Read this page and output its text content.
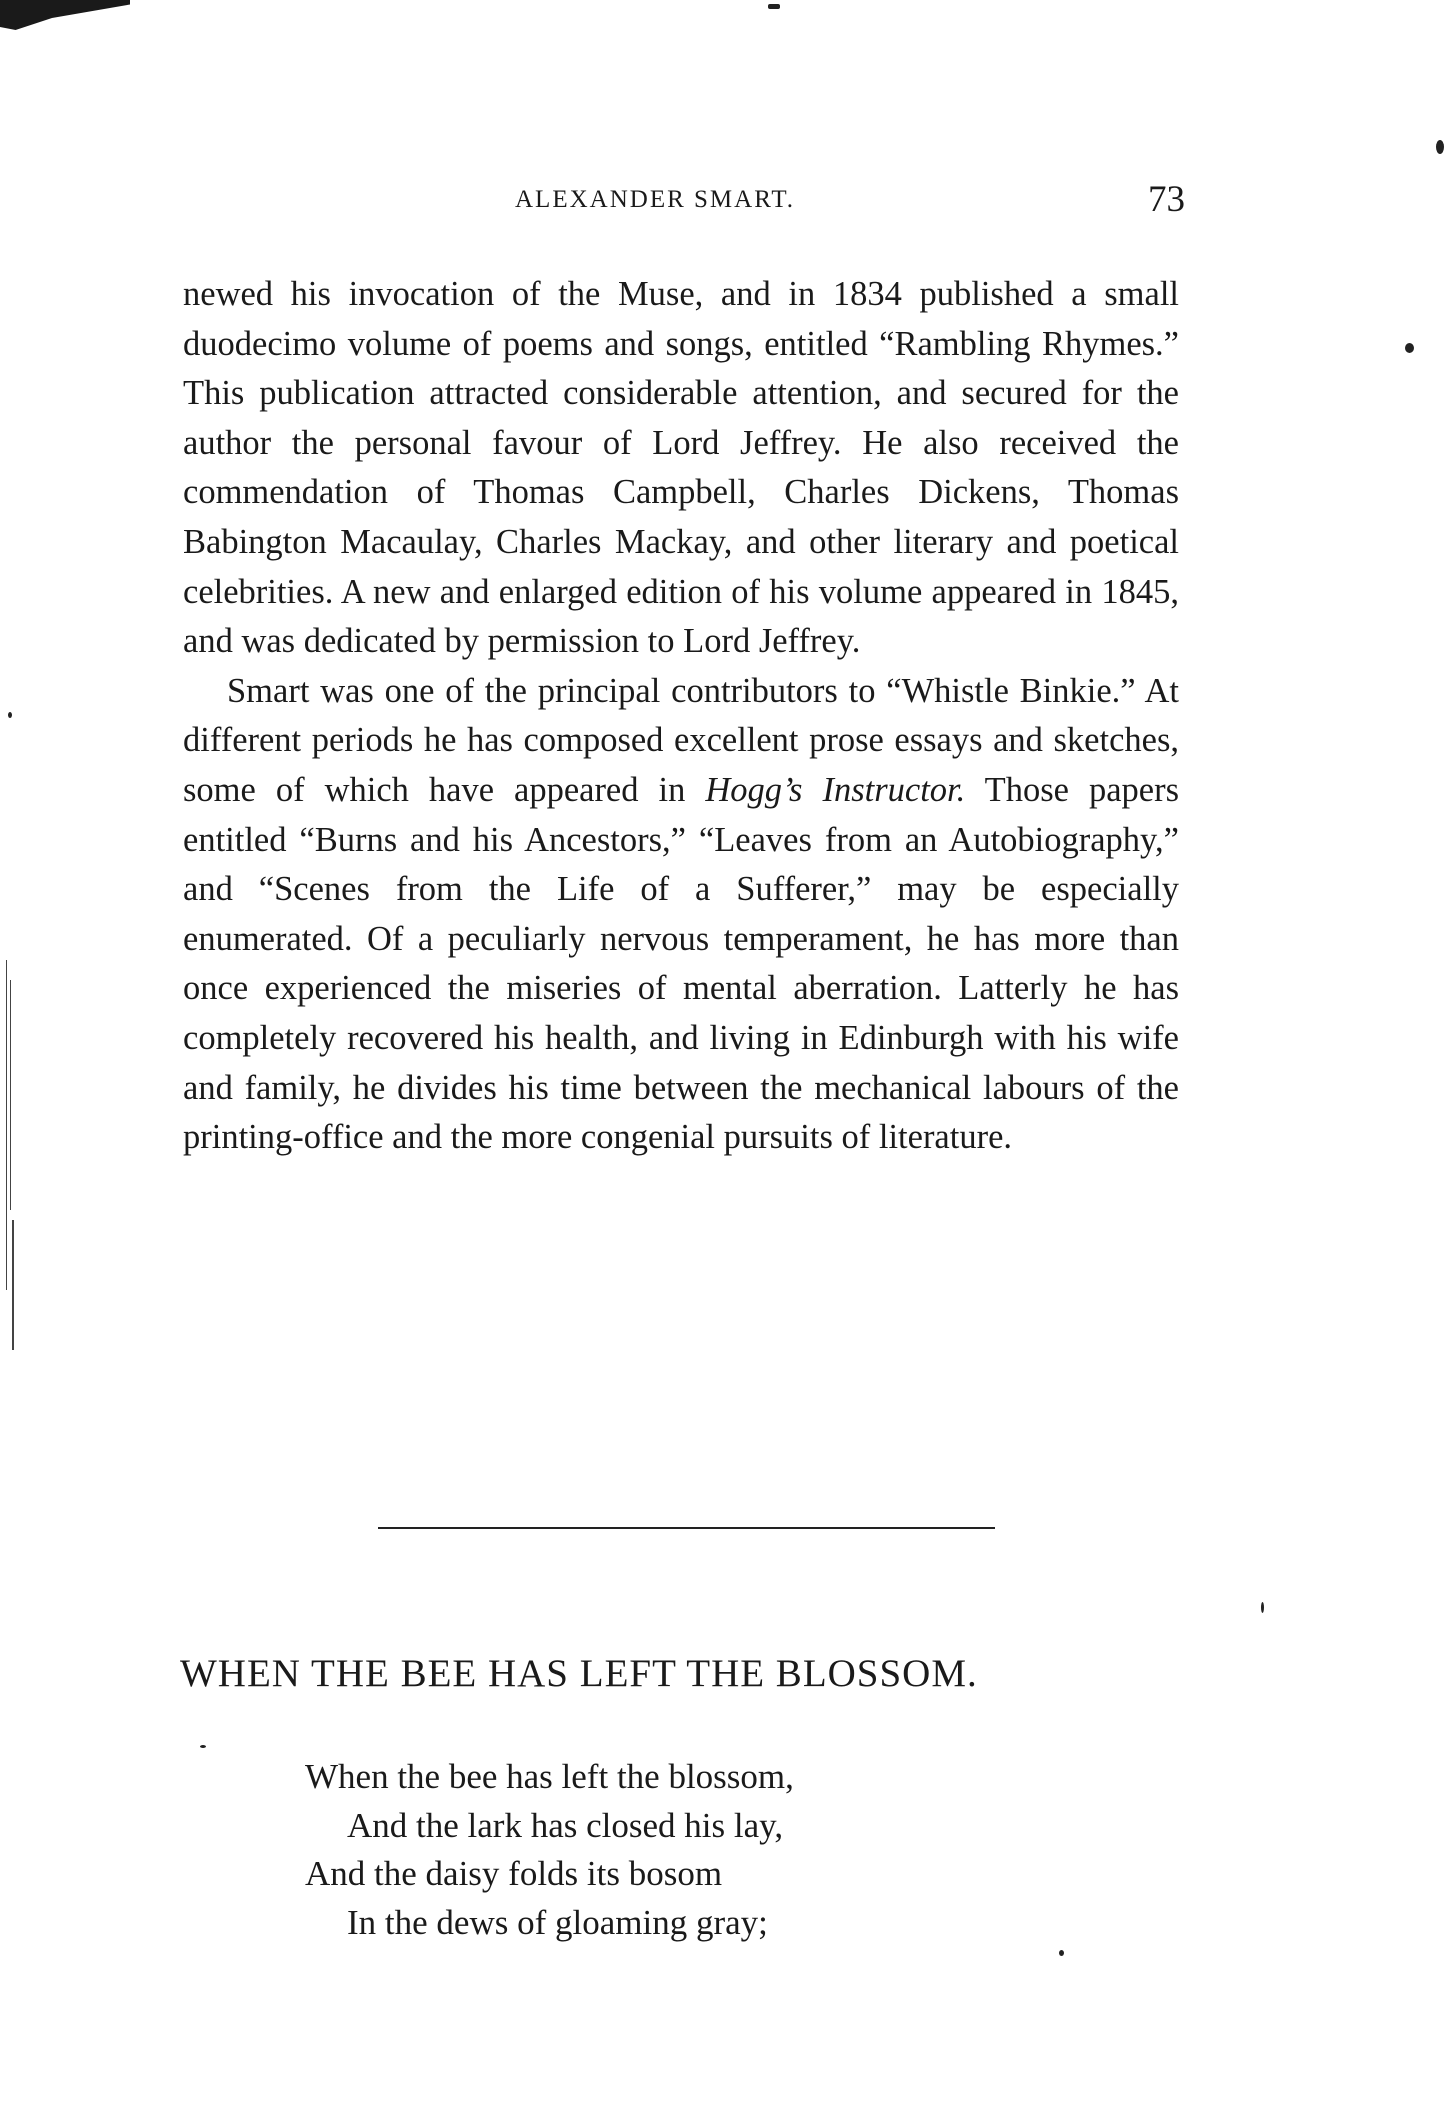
ALEXANDER SMART.	73

newed his invocation of the Muse, and in 1834 published a small duodecimo volume of poems and songs, entitled “Rambling Rhymes.” This publication attracted considerable attention, and secured for the author the personal favour of Lord Jeffrey. He also received the commendation of Thomas Campbell, Charles Dickens, Thomas Babington Macaulay, Charles Mackay, and other literary and poetical celebrities. A new and enlarged edition of his volume appeared in 1845, and was dedicated by permission to Lord Jeffrey.

Smart was one of the principal contributors to “Whistle Binkie.” At different periods he has composed excellent prose essays and sketches, some of which have appeared in Hogg’s Instructor. Those papers entitled “Burns and his Ancestors,” “Leaves from an Autobiography,” and “Scenes from the Life of a Sufferer,” may be especially enumerated. Of a peculiarly nervous temperament, he has more than once experienced the miseries of mental aberration. Latterly he has completely recovered his health, and living in Edinburgh with his wife and family, he divides his time between the mechanical labours of the printing-office and the more congenial pursuits of literature.

WHEN THE BEE HAS LEFT THE BLOSSOM.
When the bee has left the blossom,
And the lark has closed his lay,
And the daisy folds its bosom
In the dews of gloaming gray;
